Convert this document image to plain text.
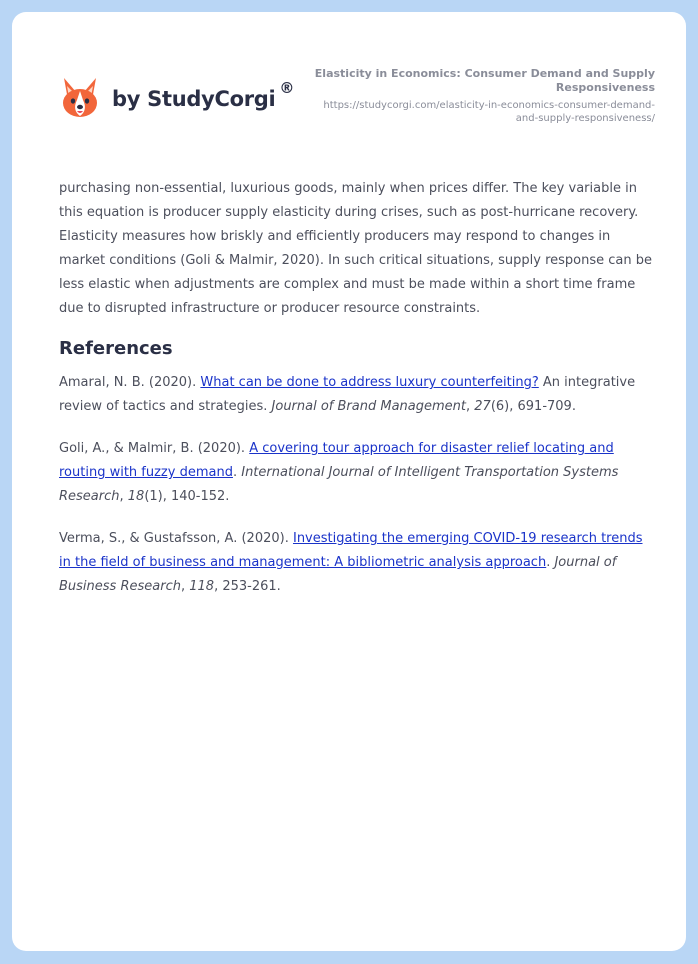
by StudyCorgi ®
Elasticity in Economics: Consumer Demand and Supply Responsiveness
https://studycorgi.com/elasticity-in-economics-consumer-demand-and-supply-responsiveness/

purchasing non-essential, luxurious goods, mainly when prices differ. The key variable in this equation is producer supply elasticity during crises, such as post-hurricane recovery. Elasticity measures how briskly and efficiently producers may respond to changes in market conditions (Goli & Malmir, 2020). In such critical situations, supply response can be less elastic when adjustments are complex and must be made within a short time frame due to disrupted infrastructure or producer resource constraints.

References

Amaral, N. B. (2020). What can be done to address luxury counterfeiting? An integrative review of tactics and strategies. Journal of Brand Management, 27(6), 691-709.

Goli, A., & Malmir, B. (2020). A covering tour approach for disaster relief locating and routing with fuzzy demand. International Journal of Intelligent Transportation Systems Research, 18(1), 140-152.

Verma, S., & Gustafsson, A. (2020). Investigating the emerging COVID-19 research trends in the field of business and management: A bibliometric analysis approach. Journal of Business Research, 118, 253-261.
